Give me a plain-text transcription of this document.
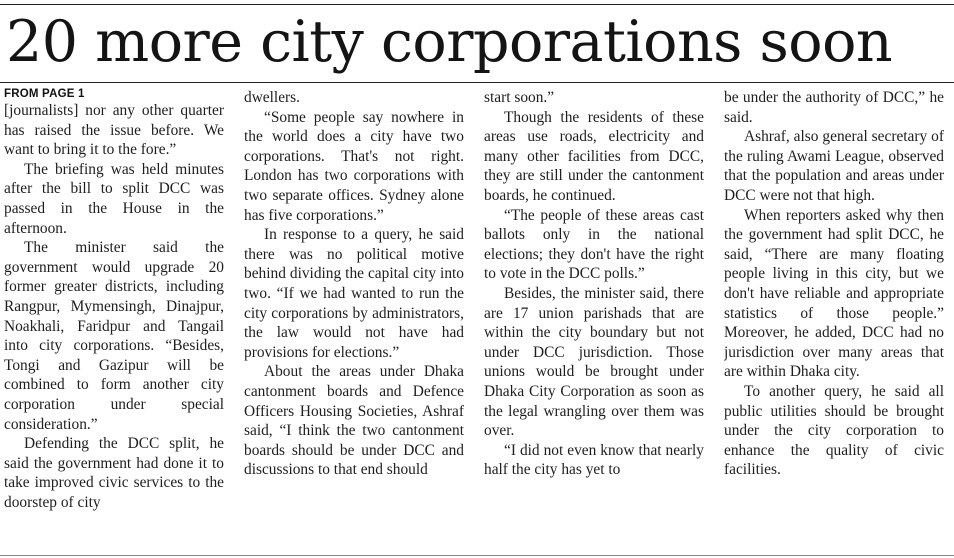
20 more city corporations soon
FROM PAGE 1

[journalists] nor any other quarter has raised the issue before. We want to bring it to the fore.”

The briefing was held minutes after the bill to split DCC was passed in the House in the afternoon.

The minister said the government would upgrade 20 former greater districts, including Rangpur, Mymensingh, Dinajpur, Noakhali, Faridpur and Tangail into city corporations. “Besides, Tongi and Gazipur will be combined to form another city corporation under special consideration.”

Defending the DCC split, he said the government had done it to take improved civic services to the doorstep of city

dwellers.

“Some people say nowhere in the world does a city have two corporations. That's not right. London has two corporations with two separate offices. Sydney alone has five corporations.”

In response to a query, he said there was no political motive behind dividing the capital city into two. “If we had wanted to run the city corporations by administrators, the law would not have had provisions for elections.”

About the areas under Dhaka cantonment boards and Defence Officers Housing Societies, Ashraf said, “I think the two cantonment boards should be under DCC and discussions to that end should

start soon.”

Though the residents of these areas use roads, electricity and many other facilities from DCC, they are still under the cantonment boards, he continued.

“The people of these areas cast ballots only in the national elections; they don't have the right to vote in the DCC polls.”

Besides, the minister said, there are 17 union parishads that are within the city boundary but not under DCC jurisdiction. Those unions would be brought under Dhaka City Corporation as soon as the legal wrangling over them was over.

“I did not even know that nearly half the city has yet to

be under the authority of DCC,” he said.

Ashraf, also general secretary of the ruling Awami League, observed that the population and areas under DCC were not that high.

When reporters asked why then the government had split DCC, he said, “There are many floating people living in this city, but we don't have reliable and appropriate statistics of those people.” Moreover, he added, DCC had no jurisdiction over many areas that are within Dhaka city.

To another query, he said all public utilities should be brought under the city corporation to enhance the quality of civic facilities.
